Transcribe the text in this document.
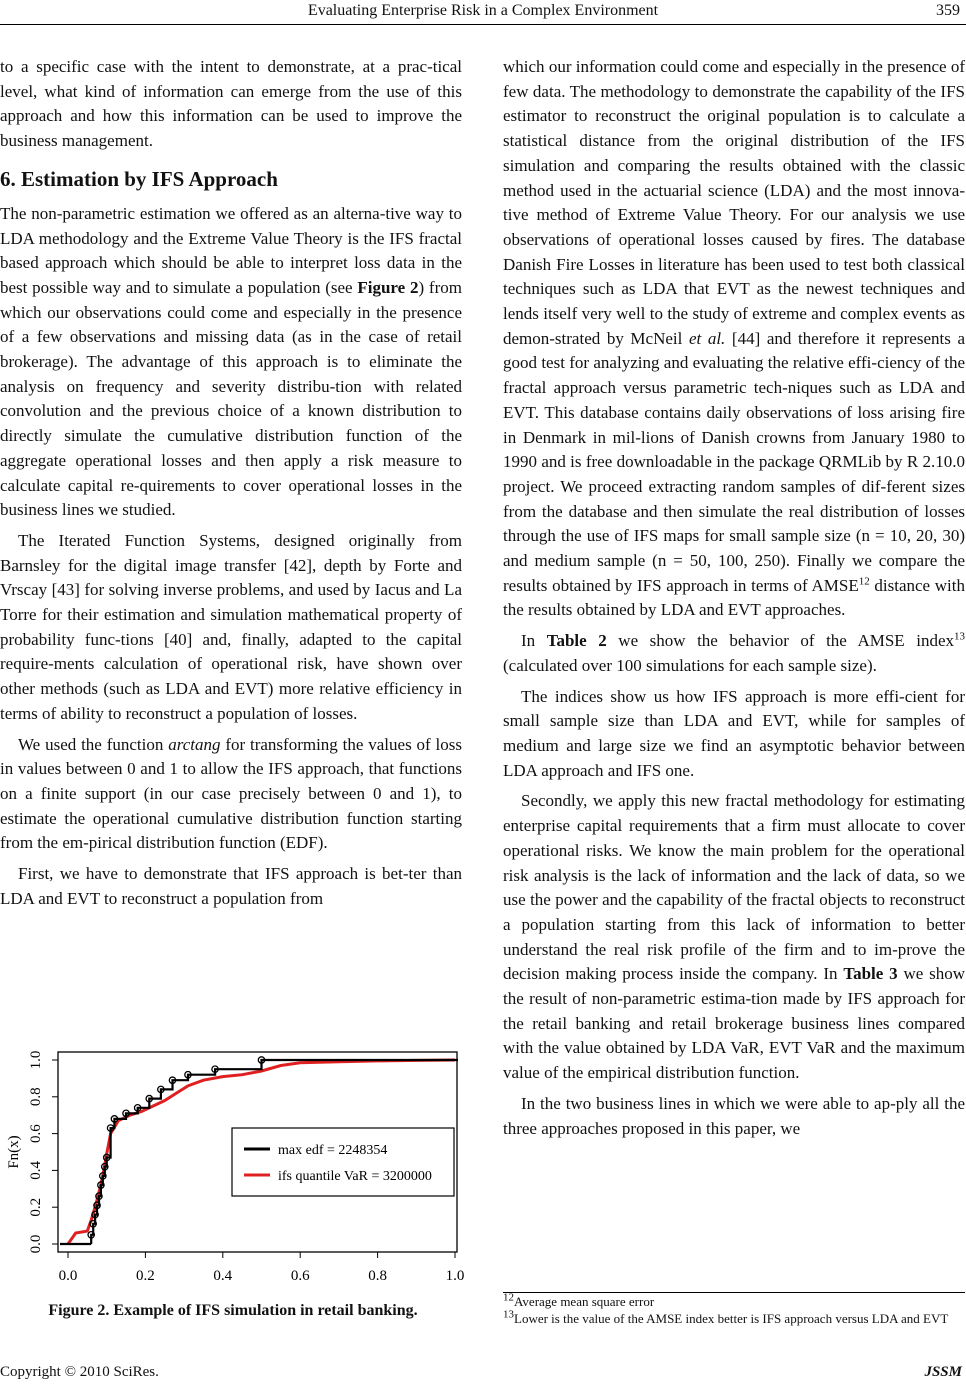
Evaluating Enterprise Risk in a Complex Environment	359

to a specific case with the intent to demonstrate, at a prac-tical level, what kind of information can emerge from the use of this approach and how this information can be used to improve the business management.

6. Estimation by IFS Approach

The non-parametric estimation we offered as an alterna-tive way to LDA methodology and the Extreme Value Theory is the IFS fractal based approach which should be able to interpret loss data in the best possible way and to simulate a population (see Figure 2) from which our observations could come and especially in the presence of a few observations and missing data (as in the case of retail brokerage). The advantage of this approach is to eliminate the analysis on frequency and severity distribu-tion with related convolution and the previous choice of a known distribution to directly simulate the cumulative distribution function of the aggregate operational losses and then apply a risk measure to calculate capital re-quirements to cover operational losses in the business lines we studied.

The Iterated Function Systems, designed originally from Barnsley for the digital image transfer [42], depth by Forte and Vrscay [43] for solving inverse problems, and used by Iacus and La Torre for their estimation and simulation mathematical property of probability func-tions [40] and, finally, adapted to the capital require-ments calculation of operational risk, have shown over other methods (such as LDA and EVT) more relative efficiency in terms of ability to reconstruct a population of losses.

We used the function arctang for transforming the values of loss in values between 0 and 1 to allow the IFS approach, that functions on a finite support (in our case precisely between 0 and 1), to estimate the operational cumulative distribution function starting from the em-pirical distribution function (EDF).

First, we have to demonstrate that IFS approach is bet-ter than LDA and EVT to reconstruct a population from

0.0	0.2	0.4	0.6	0.8	1.0
0.0
0.2
0.4
0.6
0.8
1.0
Fn(x)	max edf = 2248354
ifs quantile VaR = 3200000
Figure 2. Example of IFS simulation in retail banking.

which our information could come and especially in the presence of few data. The methodology to demonstrate the capability of the IFS estimator to reconstruct the original population is to calculate a statistical distance from the original distribution of the IFS simulation and comparing the results obtained with the classic method used in the actuarial science (LDA) and the most innova-tive method of Extreme Value Theory. For our analysis we use observations of operational losses caused by fires. The database Danish Fire Losses in literature has been used to test both classical techniques such as LDA that EVT as the newest techniques and lends itself very well to the study of extreme and complex events as demon-strated by McNeil et al. [44] and therefore it represents a good test for analyzing and evaluating the relative effi-ciency of the fractal approach versus parametric tech-niques such as LDA and EVT. This database contains daily observations of loss arising fire in Denmark in mil-lions of Danish crowns from January 1980 to 1990 and is free downloadable in the package QRMLib by R 2.10.0 project. We proceed extracting random samples of dif-ferent sizes from the database and then simulate the real distribution of losses through the use of IFS maps for small sample size (n = 10, 20, 30) and medium sample (n = 50, 100, 250). Finally we compare the results obtained by IFS approach in terms of AMSE$^{12}$ distance with the results obtained by LDA and EVT approaches.

In Table 2 we show the behavior of the AMSE index$^{13}$ (calculated over 100 simulations for each sample size).

The indices show us how IFS approach is more effi-cient for small sample size than LDA and EVT, while for samples of medium and large size we find an asymptotic behavior between LDA approach and IFS one.

Secondly, we apply this new fractal methodology for estimating enterprise capital requirements that a firm must allocate to cover operational risks. We know the main problem for the operational risk analysis is the lack of information and the lack of data, so we use the power and the capability of the fractal objects to reconstruct a population starting from this lack of information to better understand the real risk profile of the firm and to im-prove the decision making process inside the company. In Table 3 we show the result of non-parametric estima-tion made by IFS approach for the retail banking and retail brokerage business lines compared with the value obtained by LDA VaR, EVT VaR and the maximum value of the empirical distribution function.

In the two business lines in which we were able to ap-ply all the three approaches proposed in this paper, we

$^{12}$Average mean square error

$^{13}$Lower is the value of the AMSE index better is IFS approach versus LDA and EVT

Copyright © 2010 SciRes.	JSSM
